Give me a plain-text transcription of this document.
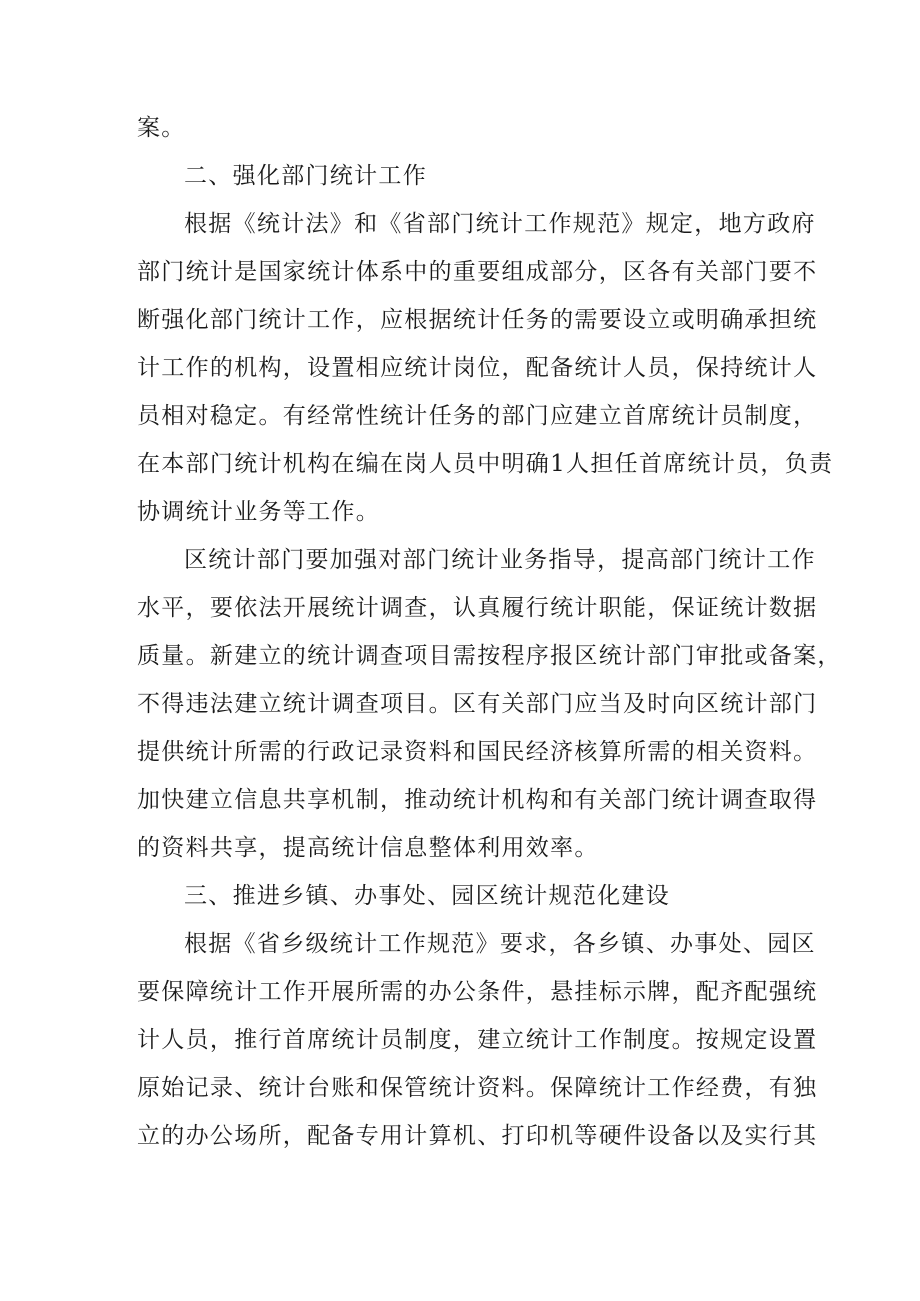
案。
二、强化部门统计工作
根据《统计法》和《省部门统计工作规范》规定，地方政府
部门统计是国家统计体系中的重要组成部分，区各有关部门要不
断强化部门统计工作，应根据统计任务的需要设立或明确承担统
计工作的机构，设置相应统计岗位，配备统计人员，保持统计人
员相对稳定。有经常性统计任务的部门应建立首席统计员制度，
在本部门统计机构在编在岗人员中明确1人担任首席统计员，负责
协调统计业务等工作。
区统计部门要加强对部门统计业务指导，提高部门统计工作
水平，要依法开展统计调查，认真履行统计职能，保证统计数据
质量。新建立的统计调查项目需按程序报区统计部门审批或备案，
不得违法建立统计调查项目。区有关部门应当及时向区统计部门
提供统计所需的行政记录资料和国民经济核算所需的相关资料。
加快建立信息共享机制，推动统计机构和有关部门统计调查取得
的资料共享，提高统计信息整体利用效率。
三、推进乡镇、办事处、园区统计规范化建设
根据《省乡级统计工作规范》要求，各乡镇、办事处、园区
要保障统计工作开展所需的办公条件，悬挂标示牌，配齐配强统
计人员，推行首席统计员制度，建立统计工作制度。按规定设置
原始记录、统计台账和保管统计资料。保障统计工作经费，有独
立的办公场所，配备专用计算机、打印机等硬件设备以及实行其
